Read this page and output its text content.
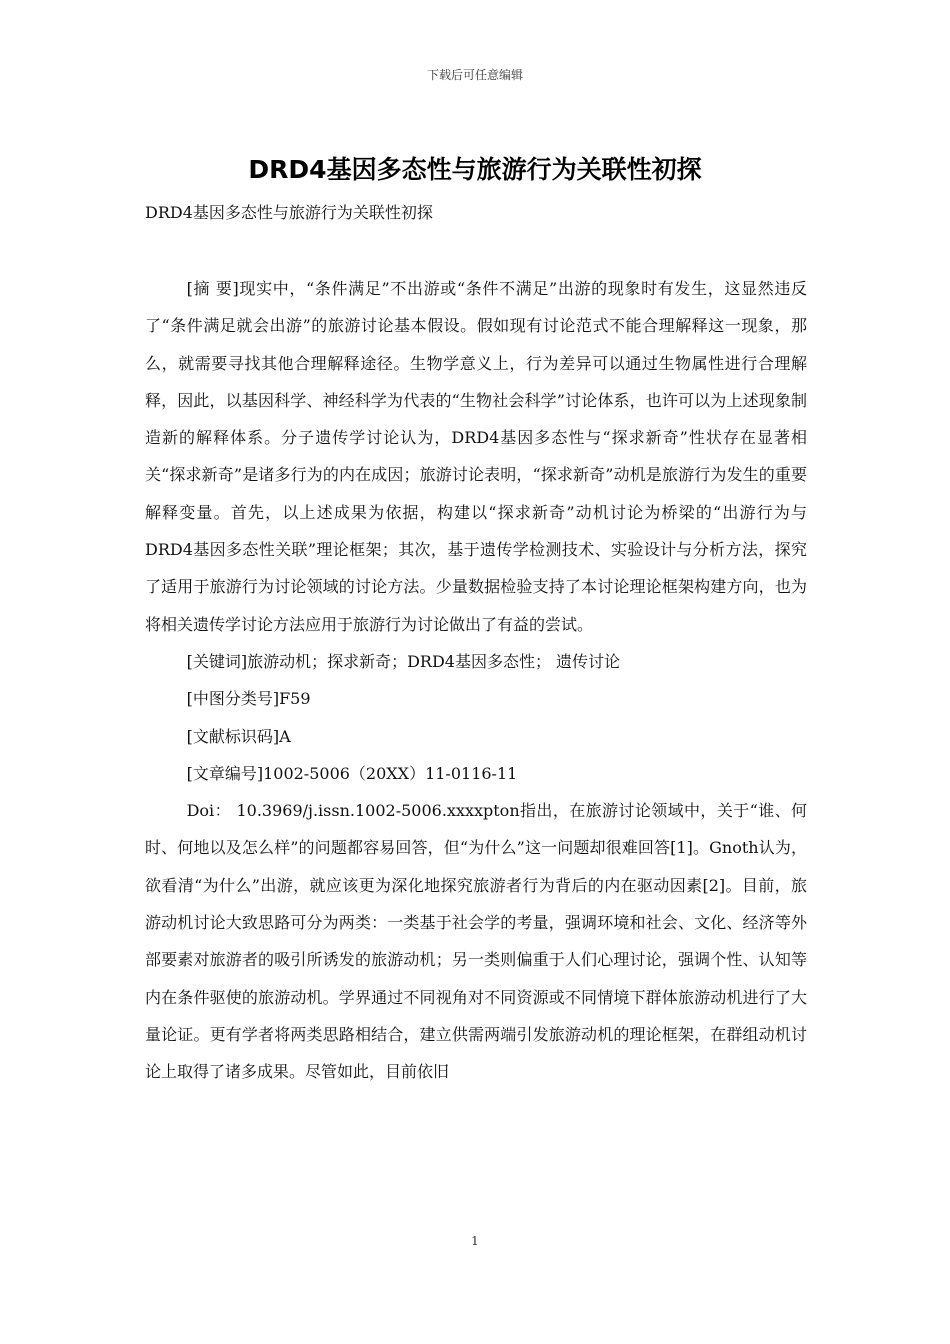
下载后可任意编辑
DRD4基因多态性与旅游行为关联性初探
DRD4基因多态性与旅游行为关联性初探

[摘 要]现实中，“条件满足”不出游或“条件不满足”出游的现象时有发生，这显然违反了“条件满足就会出游”的旅游讨论基本假设。假如现有讨论范式不能合理解释这一现象，那么，就需要寻找其他合理解释途径。生物学意义上，行为差异可以通过生物属性进行合理解释，因此，以基因科学、神经科学为代表的“生物社会科学”讨论体系，也许可以为上述现象制造新的解释体系。分子遗传学讨论认为，DRD4基因多态性与“探求新奇”性状存在显著相关“探求新奇”是诸多行为的内在成因；旅游讨论表明，“探求新奇”动机是旅游行为发生的重要解释变量。首先，以上述成果为依据，构建以“探求新奇”动机讨论为桥梁的“出游行为与DRD4基因多态性关联”理论框架；其次，基于遗传学检测技术、实验设计与分析方法，探究了适用于旅游行为讨论领域的讨论方法。少量数据检验支持了本讨论理论框架构建方向，也为将相关遗传学讨论方法应用于旅游行为讨论做出了有益的尝试。

[关键词]旅游动机；探求新奇；DRD4基因多态性； 遗传讨论

[中图分类号]F59

[文献标识码]A

[文章编号]1002-5006（20XX）11-0116-11

Doi： 10.3969/j.issn.1002-5006.xxxxpton指出，在旅游讨论领域中，关于“谁、何时、何地以及怎么样”的问题都容易回答，但“为什么”这一问题却很难回答[1]。Gnoth认为，欲看清“为什么”出游，就应该更为深化地探究旅游者行为背后的内在驱动因素[2]。目前，旅游动机讨论大致思路可分为两类：一类基于社会学的考量，强调环境和社会、文化、经济等外部要素对旅游者的吸引所诱发的旅游动机；另一类则偏重于人们心理讨论，强调个性、认知等内在条件驱使的旅游动机。学界通过不同视角对不同资源或不同情境下群体旅游动机进行了大量论证。更有学者将两类思路相结合，建立供需两端引发旅游动机的理论框架，在群组动机讨论上取得了诸多成果。尽管如此，目前依旧

1
